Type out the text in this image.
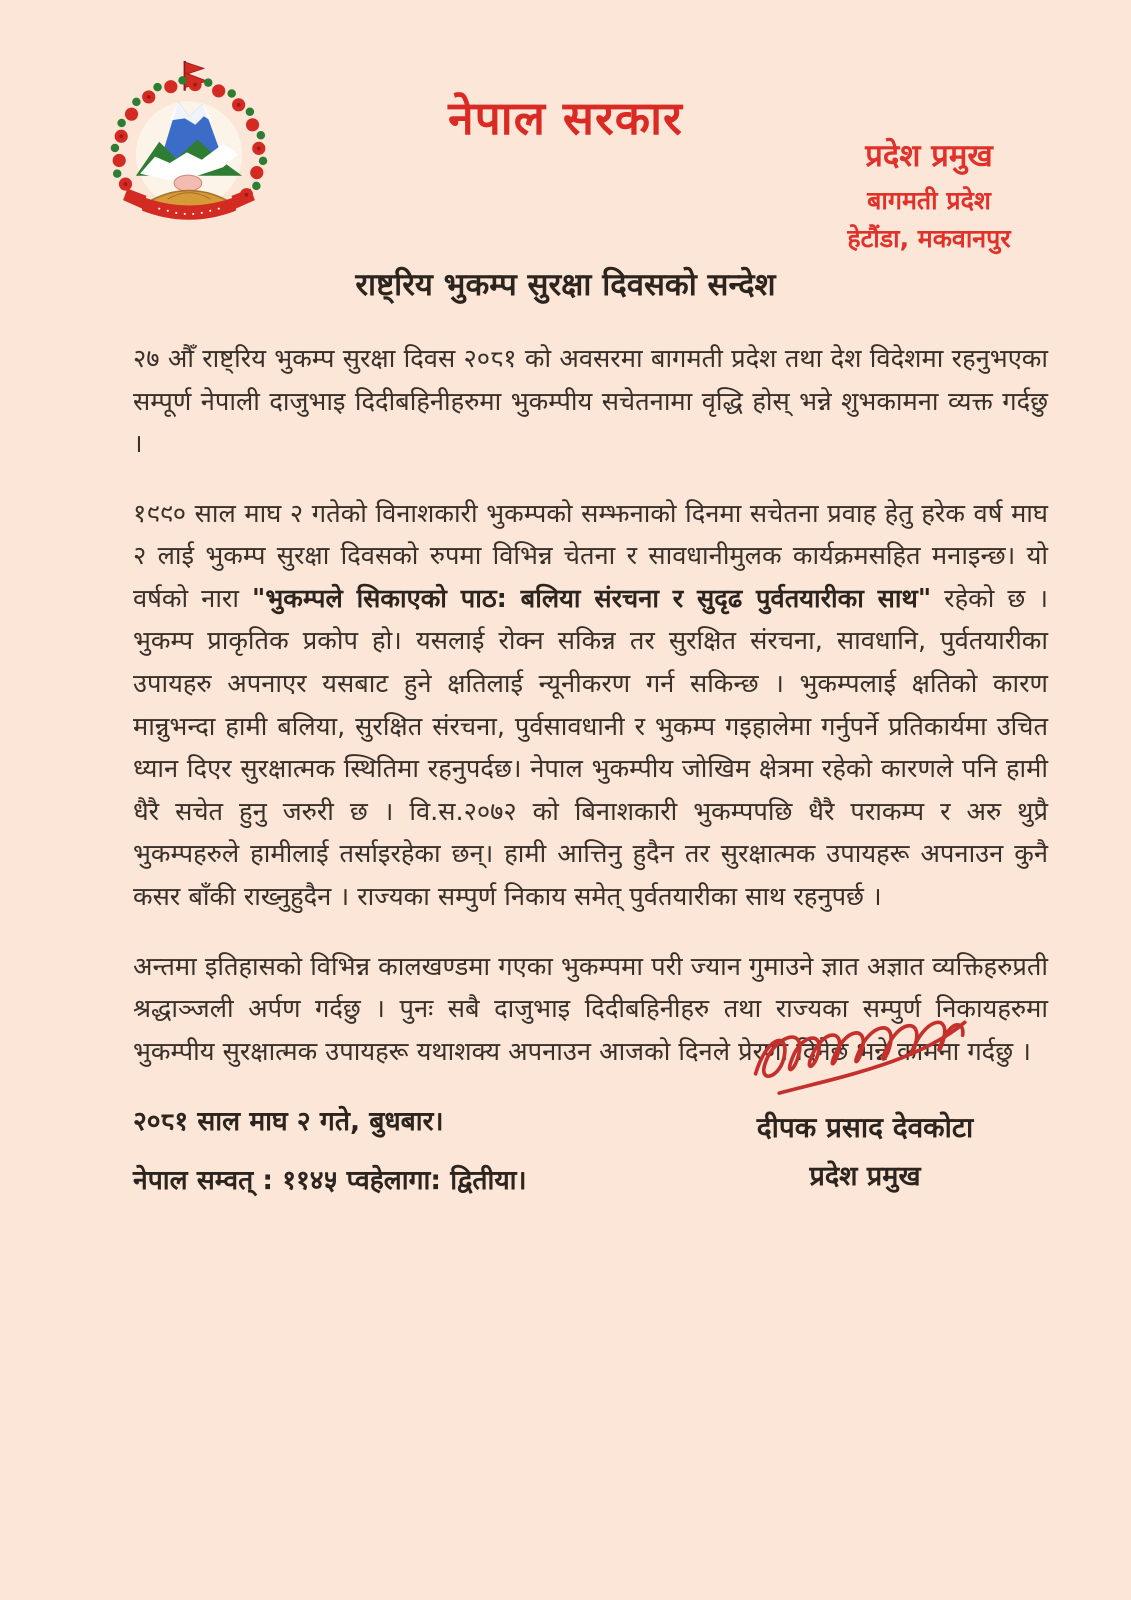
नेपाल सरकार
प्रदेश प्रमुख
बागमती प्रदेश
हेटौंडा, मकवानपुर
राष्ट्रिय भुकम्प सुरक्षा दिवसको सन्देश

२७ औँ राष्ट्रिय भुकम्प सुरक्षा दिवस २०८१ को अवसरमा बागमती प्रदेश तथा देश विदेशमा रहनुभएका सम्पूर्ण नेपाली दाजुभाइ दिदीबहिनीहरुमा भुकम्पीय सचेतनामा वृद्धि होस् भन्ने शुभकामना व्यक्त गर्दछु ।

१९९० साल माघ २ गतेको विनाशकारी भुकम्पको सम्झनाको दिनमा सचेतना प्रवाह हेतु हरेक वर्ष माघ २ लाई भुकम्प सुरक्षा दिवसको रुपमा विभिन्न चेतना र सावधानीमुलक कार्यक्रमसहित मनाइन्छ। यो वर्षको नारा "भुकम्पले सिकाएको पाठ: बलिया संरचना र सुदृढ पुर्वतयारीका साथ" रहेको छ । भुकम्प प्राकृतिक प्रकोप हो। यसलाई रोक्न सकिन्न तर सुरक्षित संरचना, सावधानि, पुर्वतयारीका उपायहरु अपनाएर यसबाट हुने क्षतिलाई न्यूनीकरण गर्न सकिन्छ । भुकम्पलाई क्षतिको कारण मान्नुभन्दा हामी बलिया, सुरक्षित संरचना, पुर्वसावधानी र भुकम्प गइहालेमा गर्नुपर्ने प्रतिकार्यमा उचित ध्यान दिएर सुरक्षात्मक स्थितिमा रहनुपर्दछ। नेपाल भुकम्पीय जोखिम क्षेत्रमा रहेको कारणले पनि हामी धैरै सचेत हुनु जरुरी छ । वि.स.२०७२ को बिनाशकारी भुकम्पपछि धैरै पराकम्प र अरु थुप्रै भुकम्पहरुले हामीलाई तर्साइरहेका छन्। हामी आत्तिनु हुदैन तर सुरक्षात्मक उपायहरू अपनाउन कुनै कसर बाँकी राख्नुहुदैन । राज्यका सम्पुर्ण निकाय समेत् पुर्वतयारीका साथ रहनुपर्छ ।

अन्तमा इतिहासको विभिन्न कालखण्डमा गएका भुकम्पमा परी ज्यान गुमाउने ज्ञात अज्ञात व्यक्तिहरुप्रती श्रद्धाञ्जली अर्पण गर्दछु । पुनः सबै दाजुभाइ दिदीबहिनीहरु तथा राज्यका सम्पुर्ण निकायहरुमा भुकम्पीय सुरक्षात्मक उपायहरू यथाशक्य अपनाउन आजको दिनले प्रेरणा दिनेछ भन्ने कामना गर्दछु ।

२०८१ साल माघ २ गते, बुधबार।
नेपाल सम्वत् : ११४५ प्वहेलागा: द्वितीया।
दीपक प्रसाद देवकोटा
प्रदेश प्रमुख
